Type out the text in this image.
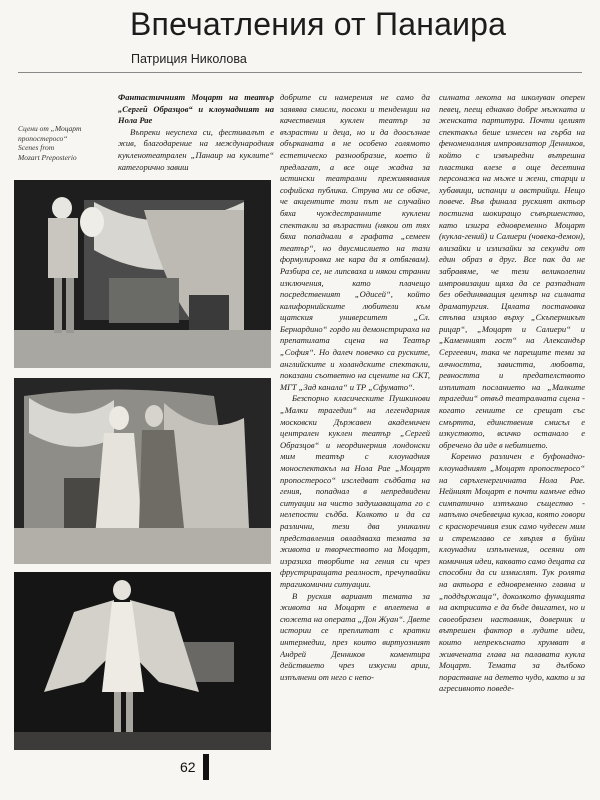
Впечатления от Панаира
Патриция Николова
Сцени от „Моцарт пропостеросо“
Scenes from
Mozart Preposterio

Фантастичният Моцарт на театър „Сергей Образцов“ и клоунадният на Нола Рае

Въпреки неуспеха си, фестивалът е жив, благодарение на международния кукленотеатрален „Панаир на куклите“ категорично завиш

добрите си намерения не само да заявява смисли, посоки и тенденции на качествения куклен театър за възрастни и деца, но и да доосъзнае обърканата в не особено голямото естетическо разнообразие, което й предлагат, а все още жадна за истински театрални преживявания софийска публика. Струва ми се обаче, че акцентите този път не случайно бяха чуждестранните куклени спектакли за възрастни (някои от тях бяха попаднали в графата „семеен театър“, но двусмислието на тази формулировка ме кара да я отбягвам). Разбира се, не липсваха и някои странни изключения, като плачещо посредственият „Одисей“, който калифорнийските любители към щатския университет „Сл. Бернардино“ гордо ни демонстрираха на препатилата сцена на Театър „София“. Но далеч повечко са руските, английските и холандските спектакли, показани съответно на сцените на СКТ, МГТ „Зад канала“ и ТР „Сфумато“.

Безспорно класическите Пушкинови „Малки трагедии“ на легендарния московски Държавен академичен централен куклен театър „Сергей Образцов“ и неординерния лондонски мим театър с клоунадния моноспектакъл на Нола Рае „Моцарт пропостеросо“ изследват съдбата на гения, попаднал в непредвидени ситуации на чисто задушаващата го с нелепости съдба. Колкото и да са различни, тези два уникални представления овладяваха темата за живота и творчеството на Моцарт, изразиха творбите на гения си чрез фрустриращата реалност, пречупвайки трагикомични ситуации.

В руския вариант темата за живота на Моцарт е вплетена в сюжета на операта „Дон Жуан“. Двете истории се преплитат с кратки интермедии, през които виртуозният Андрей Денников коментира действието чрез изкусни арии, изпълнени от него с непо-

силната лекота на школуван оперен певец, пеещ еднакво добре мъжката и женската партитура. Почти целият спектакъл беше изнесен на гърба на феноменалния импровизатор Денников, който с извънредни вътрешна пластика влезе в още десетина персонажа на мъже и жени, старци и хубавици, испанци и австрийци. Нещо повече. Във финала руският актьор постигна шокиращо съвършенство, като изигра едновременно Моцарт (кукла-гений) и Салиери (човека-демон), влизайки и излизайки за секунди от един образ в друг. Все пак да не забравяме, че тези великолепни импровизации щяха да се разпаднат без обединяващия център на силната драматургия. Цялата постановка стъпва изцяло върху „Скъперникът рицар“, „Моцарт и Салиери“ и „Каменният гост“ на Александър Сергеевич, така че парещите теми за алчността, завистта, любовта, ревността и предателството изплитат посланието на „Малките трагедии“ отвъд театралната сцена - когато гениите се срещат със смъртта, единствения смисъл е изкуството, всичко останало е обречено да иде в небитието.

Коренно различен е буфонадно-клоунадният „Моцарт пропостеросо“ на свръхенергичната Нола Рае. Нейният Моцарт е почти камъче едно симпатично изтъкано същество - напълно очебевецна кукла, която говори с красноречивия език само чудесен мим и стремглаво се хвърля в буйни клоунадни изпълнения, осеяни от комичния идеи, каквато само децата са способни да си измислят. Тук ролята на актьора е едновременно главна и „поддържаща“, доколкото функцията на актрисата е да бъде двигател, но и своеобразен наставник, доверник и вътрешен фактор в лудите идеи, които непрекъснато хрумват в живчената глава на палавата кукла Моцарт. Темата за дълбоко порастване на детето чудо, както и за агресивното поведе-

62
